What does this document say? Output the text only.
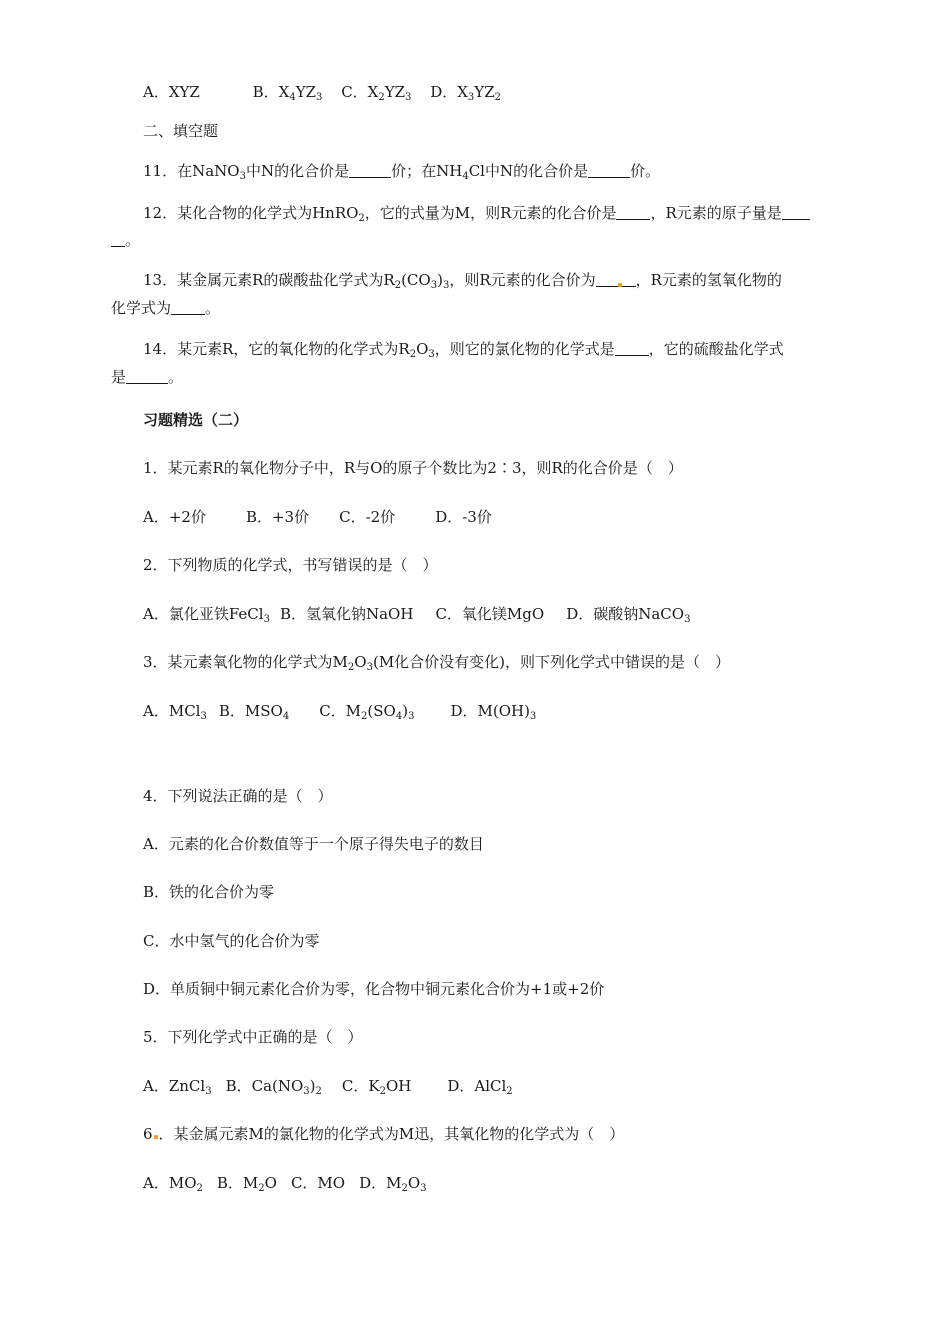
A．XYZ	B．$X_4YZ_3$ C．$X_2YZ_3$ D．$X_3YZ_2$
二、填空题
11．在NaNO$_3$中N的化合价是	价；在$NH_4Cl$中N的化合价是	价。
12．某化合物的化学式为HnRO$_2$，它的式量为M，则R元素的化合价是 ，R元素的原子量是
。
13．某金属元素R的碳酸盐化学式为$R_2(CO_3)_3$，则R元素的化合价为	，R元素的氢氧化物的
化学式为 。
14．某元素R，它的氧化物的化学式为$R_2O_3$，则它的氯化物的化学式是 ，它的硫酸盐化学式
是	。
习题精选（二）
1．某元素R的氧化物分子中，R与O的原子个数比为2∶3，则R的化合价是（　）
A．+2价	B．+3价 C．-2价	D．-3价
2．下列物质的化学式，书写错误的是（　）
A．氯化亚铁FeCl$_3$ B．氢氧化钠NaOH C．氧化镁MgO D．碳酸钠NaCO$_3$
3．某元素氧化物的化学式为$M_2O_3(M$化合价没有变化)，则下列化学式中错误的是（　）
A．MCl$_3$ B．$MSO_4$ C．$M_2(SO_4)_3$ D．$M(OH)_3$
4．下列说法正确的是（　）
A．元素的化合价数值等于一个原子得失电子的数目
B．铁的化合价为零
C．水中氢气的化合价为零
D．单质铜中铜元素化合价为零，化合物中铜元素化合价为+1或+2价
5．下列化学式中正确的是（　）
A．ZnCl$_3$ B．$Ca(NO_3)_2$ C．$K_2OH$ D．AlCl$_2$
6 ．某金属元素M的氯化物的化学式为M迅，其氧化物的化学式为（　）
A．$MO_2$ B．$M_2O$ C．MO D．$M_2O_3$
